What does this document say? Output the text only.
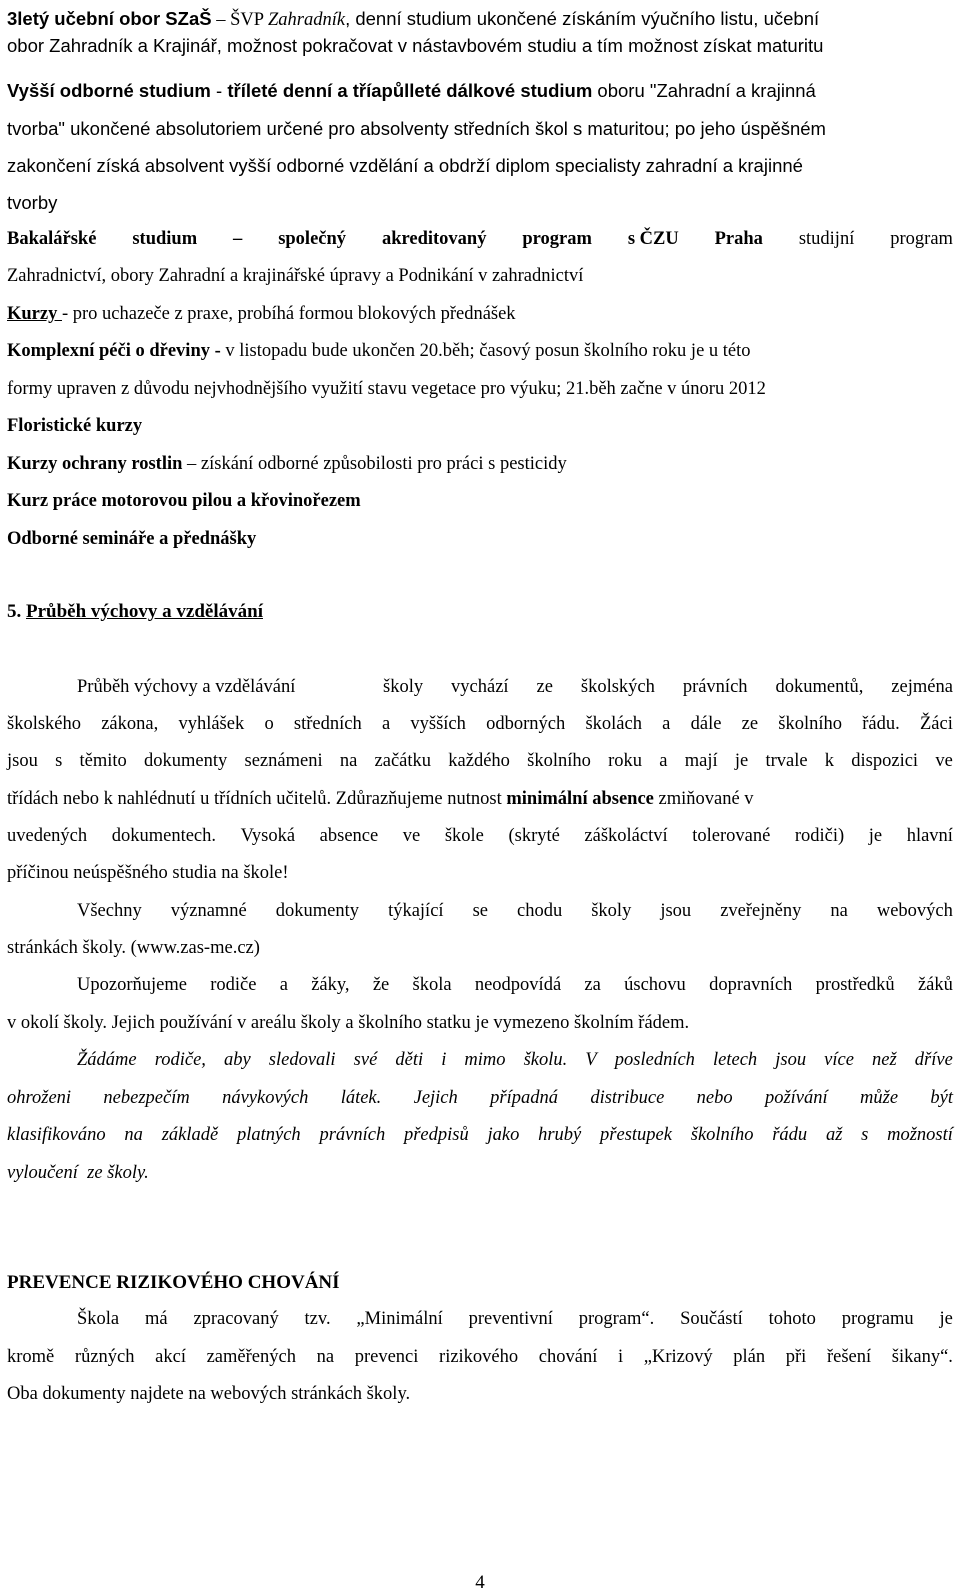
3letý učební obor SZaŠ – ŠVP Zahradník, denní studium ukončené získáním výučního listu, učební
obor Zahradník a Krajinář, možnost pokračovat v nástavbovém studiu a tím možnost získat maturitu
Vyšší odborné studium - tříleté denní a tříapůlleté dálkové studium oboru "Zahradní a krajinná
tvorba" ukončené absolutoriem určené pro absolventy středních škol s maturitou; po jeho úspěšném
zakončení získá absolvent vyšší odborné vzdělání a obdrží diplom specialisty zahradní a krajinné
tvorby
Bakalářské studium – společný akreditovaný program s ČZU Praha studijní program
Zahradnictví, obory Zahradní a krajinářské úpravy a Podnikání v zahradnictví
Kurzy - pro uchazeče z praxe, probíhá formou blokových přednášek
Komplexní péči o dřeviny - v listopadu bude ukončen 20.běh; časový posun školního roku je u této
formy upraven z důvodu nejvhodnějšího využití stavu vegetace pro výuku; 21.běh začne v únoru 2012
Floristické kurzy
Kurzy ochrany rostlin – získání odborné způsobilosti pro práci s pesticidy
Kurz práce motorovou pilou a křovinořezem
Odborné semináře a přednášky
5. Průběh výchovy a vzdělávání
Průběh výchovy a vzdělávání	školy vychází ze školských právních dokumentů, zejména
školského zákona, vyhlášek o středních a vyšších odborných školách a dále ze školního řádu. Žáci
jsou s těmito dokumenty seznámeni na začátku každého školního roku a mají je trvale k dispozici ve
třídách nebo k nahlédnutí u třídních učitelů. Zdůrazňujeme nutnost minimální absence zmiňované v
uvedených dokumentech. Vysoká absence ve škole (skryté záškoláctví tolerované rodiči) je hlavní
příčinou neúspěšného studia na škole!
Všechny významné dokumenty týkající se chodu školy jsou zveřejněny na webových
stránkách školy. (www.zas-me.cz)
Upozorňujeme rodiče a žáky, že škola neodpovídá za úschovu dopravních prostředků žáků
v okolí školy. Jejich používání v areálu školy a školního statku je vymezeno školním řádem.
Žádáme rodiče, aby sledovali své děti i mimo školu. V posledních letech jsou více než dříve
ohroženi nebezpečím návykových látek. Jejich případná distribuce nebo požívání může být
klasifikováno na základě platných právních předpisů jako hrubý přestupek školního řádu až s možností
vyloučení  ze školy.
PREVENCE RIZIKOVÉHO CHOVÁNÍ
Škola má zpracovaný tzv. „Minimální preventivní program“. Součástí tohoto programu je
kromě různých akcí zaměřených na prevenci rizikového chování i „Krizový plán při řešení šikany“.
Oba dokumenty najdete na webových stránkách školy.
4
